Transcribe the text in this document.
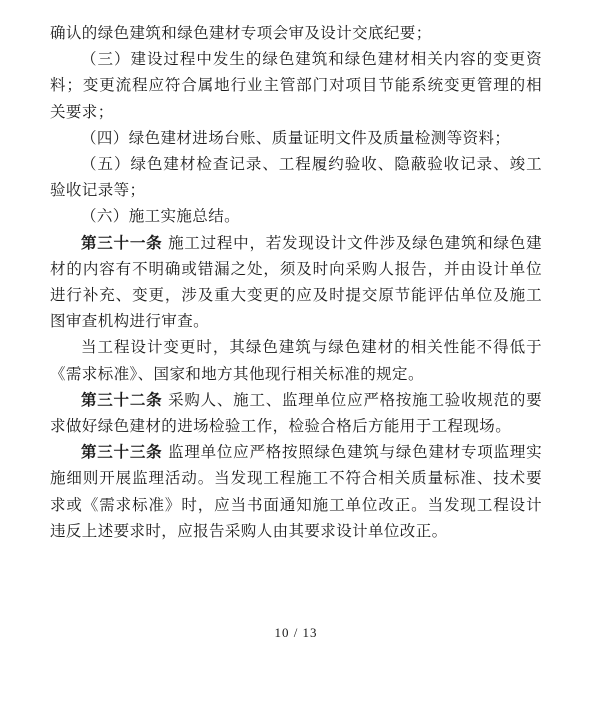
确认的绿色建筑和绿色建材专项会审及设计交底纪要；

（三）建设过程中发生的绿色建筑和绿色建材相关内容的变更资料；变更流程应符合属地行业主管部门对项目节能系统变更管理的相关要求；

（四）绿色建材进场台账、质量证明文件及质量检测等资料；

（五）绿色建材检查记录、工程履约验收、隐蔽验收记录、竣工验收记录等；

（六）施工实施总结。

第三十一条 施工过程中，若发现设计文件涉及绿色建筑和绿色建材的内容有不明确或错漏之处，须及时向采购人报告，并由设计单位进行补充、变更，涉及重大变更的应及时提交原节能评估单位及施工图审查机构进行审查。

当工程设计变更时，其绿色建筑与绿色建材的相关性能不得低于《需求标准》、国家和地方其他现行相关标准的规定。

第三十二条 采购人、施工、监理单位应严格按施工验收规范的要求做好绿色建材的进场检验工作，检验合格后方能用于工程现场。

第三十三条 监理单位应严格按照绿色建筑与绿色建材专项监理实施细则开展监理活动。当发现工程施工不符合相关质量标准、技术要求或《需求标准》时，应当书面通知施工单位改正。当发现工程设计违反上述要求时，应报告采购人由其要求设计单位改正。

10 / 13
